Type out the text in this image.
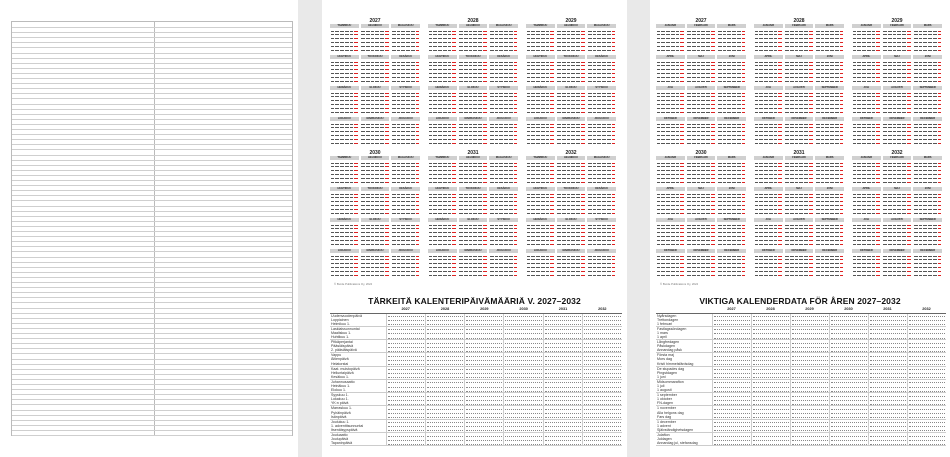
2027
TAMMIKUU	HELMIKUU	MAALISKUU
HUHTIKUU	TOUKOKUU	KESÄKUU
HEINÄKUU	ELOKUU	SYYSKUU
LOKAKUU	MARRASKUU	JOULUKUU
2028
TAMMIKUU	HELMIKUU	MAALISKUU
HUHTIKUU	TOUKOKUU	KESÄKUU
HEINÄKUU	ELOKUU	SYYSKUU
LOKAKUU	MARRASKUU	JOULUKUU
2029
TAMMIKUU	HELMIKUU	MAALISKUU
HUHTIKUU	TOUKOKUU	KESÄKUU
HEINÄKUU	ELOKUU	SYYSKUU
LOKAKUU	MARRASKUU	JOULUKUU
2030
TAMMIKUU	HELMIKUU	MAALISKUU
HUHTIKUU	TOUKOKUU	KESÄKUU
HEINÄKUU	ELOKUU	SYYSKUU
LOKAKUU	MARRASKUU	JOULUKUU
2031
TAMMIKUU	HELMIKUU	MAALISKUU
HUHTIKUU	TOUKOKUU	KESÄKUU
HEINÄKUU	ELOKUU	SYYSKUU
LOKAKUU	MARRASKUU	JOULUKUU
2032
TAMMIKUU	HELMIKUU	MAALISKUU
HUHTIKUU	TOUKOKUU	KESÄKUU
HEINÄKUU	ELOKUU	SYYSKUU
LOKAKUU	MARRASKUU	JOULUKUU
© Burde Publications Oy, 2024
TÄRKEITÄ KALENTERIPÄIVÄMÄÄRIÄ V. 2027–2032
	2027	2028	2029	2030	2031	2032
Uudenvuodenpäivä	

Loppiainen	

Helmikuu 1.	

Laskiaissunnuntai	

Maaliskuu 1.	

Huhtikuu 1.	

Pitkäperjantai	

Pääsiäispäivä	

2. pääsiäispäivä	

Vappu	

Äitienpäivä	

Helatorstai	

Kaat. muistopäivä	

Helluntaipäivä	

Kesäkuu 1.	

Juhannusaatto	

Heinäkuu 1.	

Elokuu 1.	

Syyskuu 1.	

Lokakuu 1.	

YK:n päivä	

Marraskuu 1.	

Pyhäinpäivä	

Isänpäivä	

Joulukuu 1.	

1. adventtisunnuntai	

Itsenäisyyspäivä	

Jouluaatto	

Joulupäivä	

Tapaninpäivä	

2027
JANUARI	FEBRUARI	MARS
APRIL	MAJ	JUNI
JULI	AUGUSTI	SEPTEMBER
OKTOBER	NOVEMBER	DECEMBER
2028
JANUARI	FEBRUARI	MARS
APRIL	MAJ	JUNI
JULI	AUGUSTI	SEPTEMBER
OKTOBER	NOVEMBER	DECEMBER
2029
JANUARI	FEBRUARI	MARS
APRIL	MAJ	JUNI
JULI	AUGUSTI	SEPTEMBER
OKTOBER	NOVEMBER	DECEMBER
2030
JANUARI	FEBRUARI	MARS
APRIL	MAJ	JUNI
JULI	AUGUSTI	SEPTEMBER
OKTOBER	NOVEMBER	DECEMBER
2031
JANUARI	FEBRUARI	MARS
APRIL	MAJ	JUNI
JULI	AUGUSTI	SEPTEMBER
OKTOBER	NOVEMBER	DECEMBER
2032
JANUARI	FEBRUARI	MARS
APRIL	MAJ	JUNI
JULI	AUGUSTI	SEPTEMBER
OKTOBER	NOVEMBER	DECEMBER
© Burde Publications Oy, 2024
VIKTIGA KALENDERDATA FÖR ÅREN 2027–2032
	2027	2028	2029	2030	2031	2032
Nyårsdagen	

Trettondagen	

1 februari	

Fastlagssöndagen	

1 mars	

1 april	

Långfredagen	

Påskdagen	

Annandag påsk	

Första maj	

Mors dag	

Kristi himmelsfärdsdag	

De stupades dag	

Pingstdagen	

1 juni	

Midsommarafton	

1 juli	

1 augusti	

1 september	

1 oktober	

FN-dagen	

1 november	

Alla helgons dag	

Fars dag	

1 december	

1 advent	

Självständighetsdagen	

Julafton	

Juldagen	

Annandag jul, stefansdag	
